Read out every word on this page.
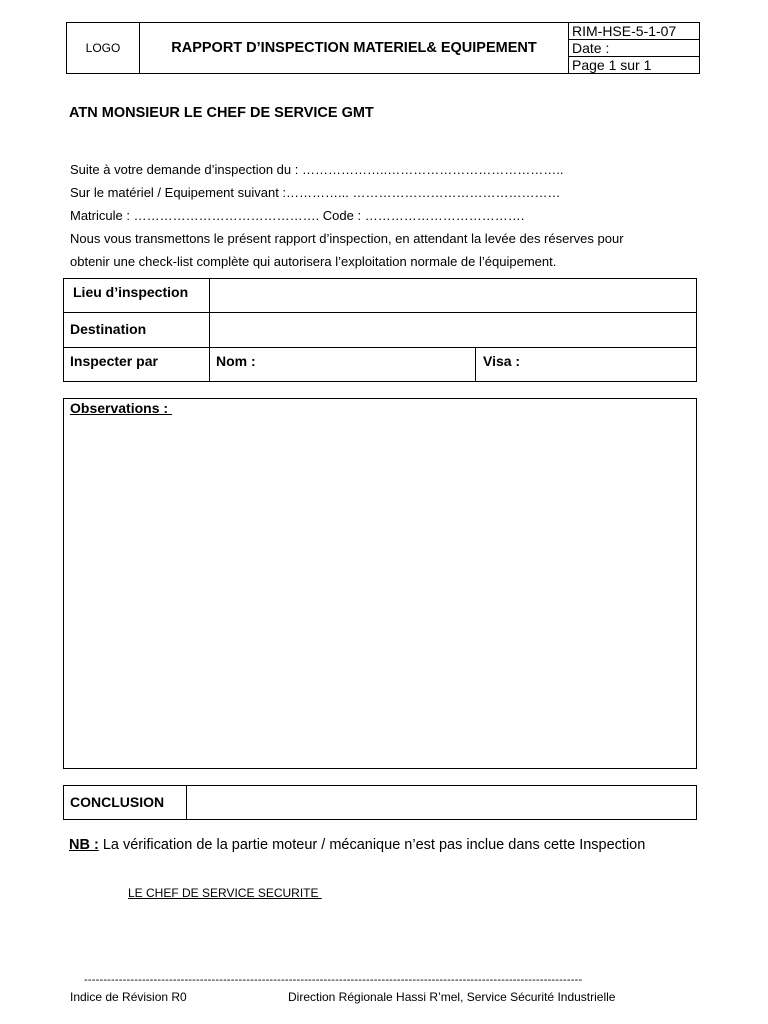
LOGO	RAPPORT D’INSPECTION MATERIEL& EQUIPEMENT
RIM-HSE-5-1-07
Date :
Page 1 sur 1
ATN MONSIEUR LE CHEF DE SERVICE GMT
Suite à votre demande d’inspection du : ………………..…………………………………..
Sur le matériel / Equipement suivant :…………... …………………………………………
Matricule : ……………………………………. Code : ……………………………….
Nous vous transmettons le présent rapport d’inspection, en attendant la levée des réserves pour
obtenir une check-list complète qui autorisera l’exploitation normale de l’équipement.
Lieu d’inspection
Destination
Inspecter par	Nom :	Visa :
Observations :
CONCLUSION
NB : La vérification de la partie moteur / mécanique n’est pas inclue dans cette Inspection
LE CHEF DE SERVICE SECURITE
---------------------------------------------------------------------------------------------------------------------------------
Indice de Révision R0	Direction Régionale Hassi R’mel, Service Sécurité Industrielle
